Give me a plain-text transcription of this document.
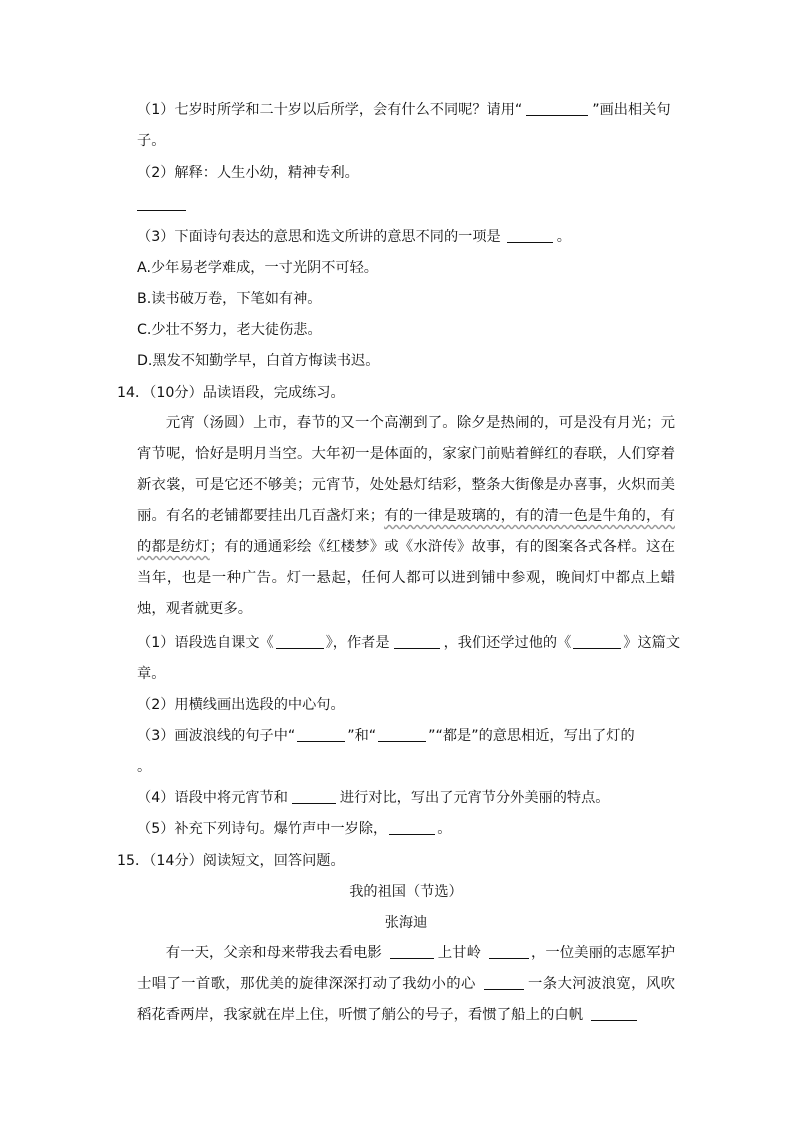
（1）七岁时所学和二十岁以后所学，会有什么不同呢？请用“	”画出相关句
子。
（2）解释：人生小幼，精神专利。
（3）下面诗句表达的意思和选文所讲的意思不同的一项是	。
A.少年易老学难成，一寸光阴不可轻。
B.读书破万卷，下笔如有神。
C.少壮不努力，老大徒伤悲。
D.黑发不知勤学早，白首方悔读书迟。
14．（10分）品读语段，完成练习。
元宵（汤圆）上市，春节的又一个高潮到了。除夕是热闹的，可是没有月光；元宵节呢，恰好是明月当空。大年初一是体面的，家家门前贴着鲜红的春联，人们穿着新衣裳，可是它还不够美；元宵节，处处悬灯结彩，整条大街像是办喜事，火炽而美丽。有名的老铺都要挂出几百盏灯来；有的一律是玻璃的，有的清一色是牛角的，有的都是纺灯；有的通通彩绘《红楼梦》或《水浒传》故事，有的图案各式各样。这在当年，也是一种广告。灯一悬起，任何人都可以进到铺中参观，晚间灯中都点上蜡烛，观者就更多。
（1）语段选自课文《	》，作者是	，我们还学过他的《	》这篇文
章。
（2）用横线画出选段的中心句。
（3）画波浪线的句子中“	”和“	”“都是”的意思相近，写出了灯的
。
（4）语段中将元宵节和	进行对比，写出了元宵节分外美丽的特点。
（5）补充下列诗句。爆竹声中一岁除，	。
15．（14分）阅读短文，回答问题。
我的祖国（节选）
张海迪
有一天，父亲和母来带我去看电影	上甘岭	，一位美丽的志愿军护士唱了一首歌，那优美的旋律深深打动了我幼小的心	一条大河波浪宽，风吹稻花香两岸，我家就在岸上住，听惯了艄公的号子，看惯了船上的白帆
